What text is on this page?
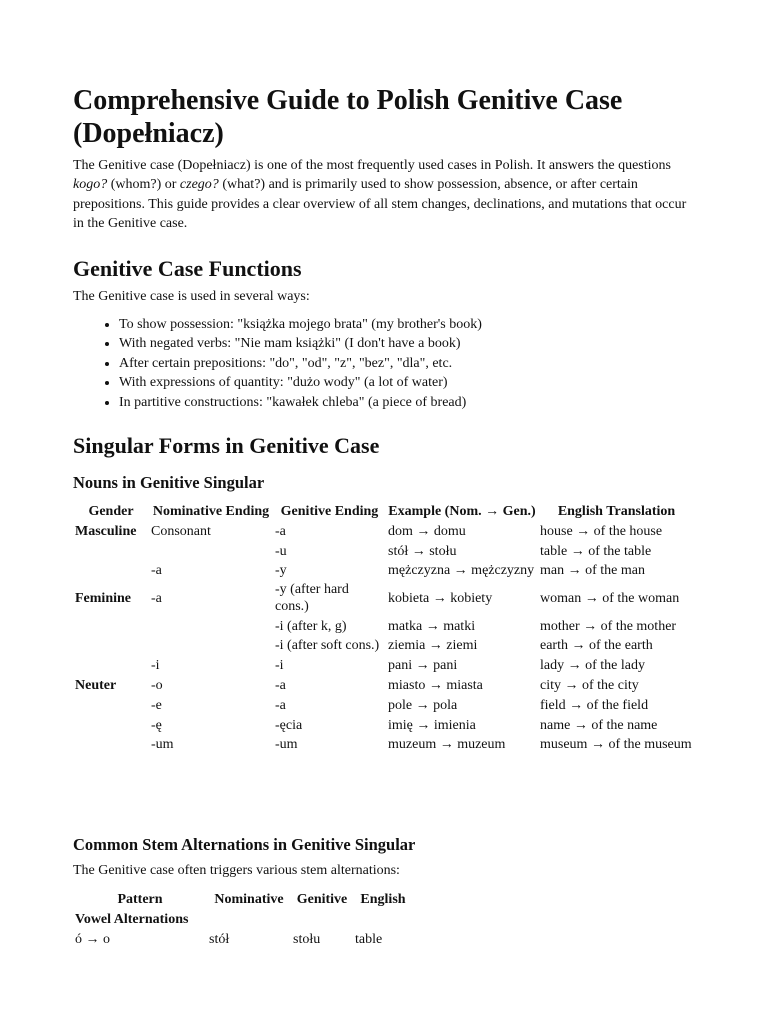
Comprehensive Guide to Polish Genitive Case (Dopełniacz)

The Genitive case (Dopełniacz) is one of the most frequently used cases in Polish. It answers the questions kogo? (whom?) or czego? (what?) and is primarily used to show possession, absence, or after certain prepositions. This guide provides a clear overview of all stem changes, declinations, and mutations that occur in the Genitive case.

Genitive Case Functions

The Genitive case is used in several ways:

• To show possession: "książka mojego brata" (my brother's book)
• With negated verbs: "Nie mam książki" (I don't have a book)
• After certain prepositions: "do", "od", "z", "bez", "dla", etc.
• With expressions of quantity: "dużo wody" (a lot of water)
• In partitive constructions: "kawałek chleba" (a piece of bread)
Singular Forms in Genitive Case
Nouns in Genitive Singular
Gender	Nominative Ending	Genitive Ending	Example (Nom. → Gen.)	English Translation
Masculine	Consonant	-a	dom → domu	house → of the house
		-u	stół → stołu	table → of the table
	-a	-y	mężczyzna → mężczyzny	man → of the man
Feminine	-a	-y (after hard cons.)	kobieta → kobiety	woman → of the woman
		-i (after k, g)	matka → matki	mother → of the mother
		-i (after soft cons.)	ziemia → ziemi	earth → of the earth
	-i	-i	pani → pani	lady → of the lady
Neuter	-o	-a	miasto → miasta	city → of the city
	-e	-a	pole → pola	field → of the field
	-ę	-ęcia	imię → imienia	name → of the name
	-um	-um	muzeum → muzeum	museum → of the museum
Common Stem Alternations in Genitive Singular

The Genitive case often triggers various stem alternations:

Pattern	Nominative	Genitive	English
Vowel Alternations			
ó → o	stół	stołu	table
